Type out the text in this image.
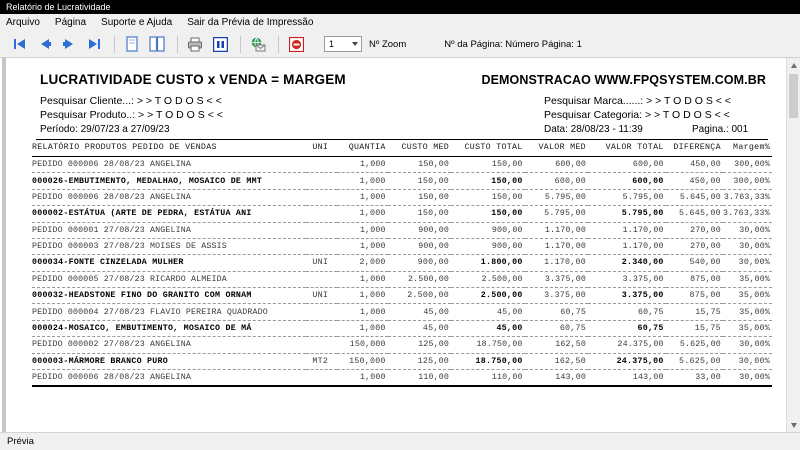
Relatório de Lucratividade
Arquivo	Página	Suporte e Ajuda	Sair da Prévia de Impressão
1	Nº Zoom	Nº da Página: Número Página: 1
LUCRATIVIDADE CUSTO x VENDA = MARGEM	DEMONSTRACAO WWW.FPQSYSTEM.COM.BR
Pesquisar Cliente...: > > T O D O S < <
Pesquisar Produto..: > > T O D O S < <
Período: 29/07/23 a 27/09/23
Pesquisar Marca......: > > T O D O S < <
Pesquisar Categoria: > > T O D O S < <
Data: 28/08/23 - 11:39	Pagina.: 001
RELATÓRIO PRODUTOS PEDIDO DE VENDAS	UNI	QUANTIA	CUSTO MED	CUSTO TOTAL	VALOR MED	VALOR TOTAL	DIFERENÇA	Margem%
PEDIDO 000006 28/08/23 ANGELINA		1,000	150,00	150,00	600,00	600,00	450,00	300,00%
000026-EMBUTIMENTO, MEDALHAO, MOSAICO DE MMT		1,000	150,00	150,00	600,00	600,00	450,00	300,00%
PEDIDO 000006 28/08/23 ANGELINA		1,000	150,00	150,00	5.795,00	5.795,00	5.645,00	3.763,33%
000002-ESTÁTUA (ARTE DE PEDRA, ESTÁTUA ANI		1,000	150,00	150,00	5.795,00	5.795,00	5.645,00	3.763,33%
PEDIDO 000001 27/08/23 ANGELINA		1,000	900,00	900,00	1.170,00	1.170,00	270,00	30,00%
PEDIDO 000003 27/08/23 MOISES DE ASSIS		1,000	900,00	900,00	1.170,00	1.170,00	270,00	30,00%
000034-FONTE CINZELADA MULHER	UNI	2,000	900,00	1.800,00	1.170,00	2.340,00	540,00	30,00%
PEDIDO 000005 27/08/23 RICARDO ALMEIDA		1,000	2.500,00	2.500,00	3.375,00	3.375,00	875,00	35,00%
000032-HEADSTONE FINO DO GRANITO COM ORNAM	UNI	1,000	2.500,00	2.500,00	3.375,00	3.375,00	875,00	35,00%
PEDIDO 000004 27/08/23 FLAVIO PEREIRA QUADRADO		1,000	45,00	45,00	60,75	60,75	15,75	35,00%
000024-MOSAICO, EMBUTIMENTO, MOSAICO DE MÁ		1,000	45,00	45,00	60,75	60,75	15,75	35,00%
PEDIDO 000002 27/08/23 ANGELINA		150,000	125,00	18.750,00	162,50	24.375,00	5.625,00	30,00%
000003-MÁRMORE BRANCO PURO	MT2	150,000	125,00	18.750,00	162,50	24.375,00	5.625,00	30,00%
PEDIDO 000006 28/08/23 ANGELINA		1,000	110,00	110,00	143,00	143,00	33,00	30,00%
Prévia
